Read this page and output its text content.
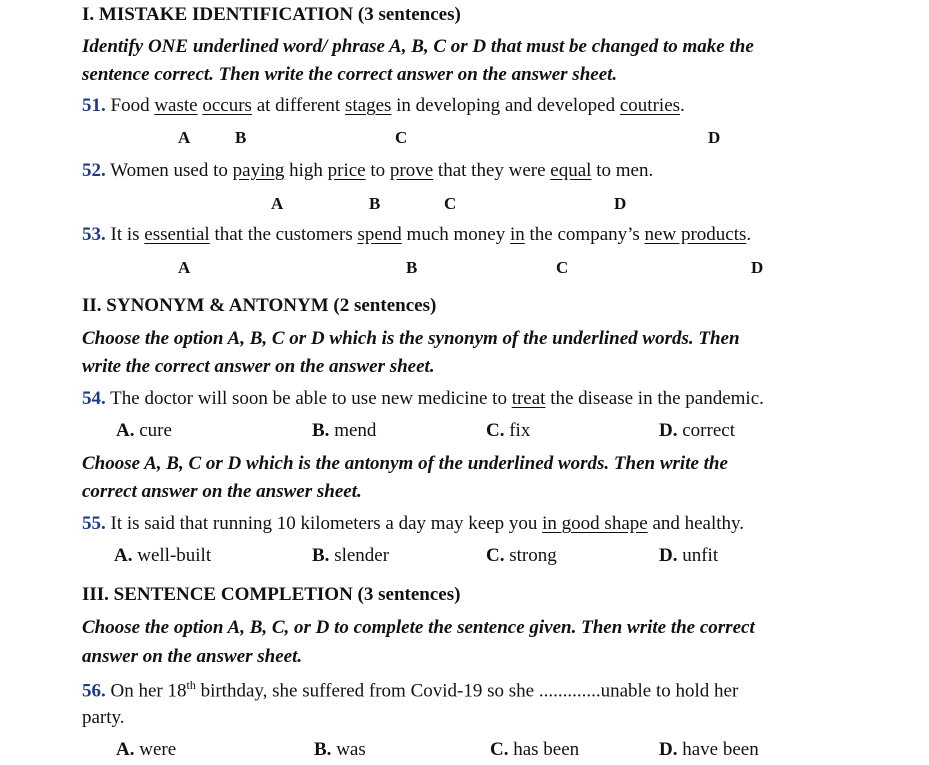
I. MISTAKE IDENTIFICATION (3 sentences)
Identify ONE underlined word/ phrase A, B, C or D that must be changed to make the
sentence correct. Then write the correct answer on the answer sheet.
51. Food waste occurs at different stages in developing and developed coutries.
A	B	C	D
52. Women used to paying high price to prove that they were equal to men.
A	B	C	D
53. It is essential that the customers spend much money in the company’s new products.
A	B	C	D
II. SYNONYM & ANTONYM (2 sentences)
Choose the option A, B, C or D which is the synonym of the underlined words. Then
write the correct answer on the answer sheet.
54. The doctor will soon be able to use new medicine to treat the disease in the pandemic.
A. cure	B. mend	C. fix	D. correct
Choose A, B, C or D which is the antonym of the underlined words. Then write the
correct answer on the answer sheet.
55. It is said that running 10 kilometers a day may keep you in good shape and healthy.
A. well-built	B. slender	C. strong	D. unfit
III. SENTENCE COMPLETION (3 sentences)
Choose the option A, B, C, or D to complete the sentence given. Then write the correct
answer on the answer sheet.
56. On her 18th birthday, she suffered from Covid-19 so she .............unable to hold her
party.
A. were	B. was	C. has been	D. have been
